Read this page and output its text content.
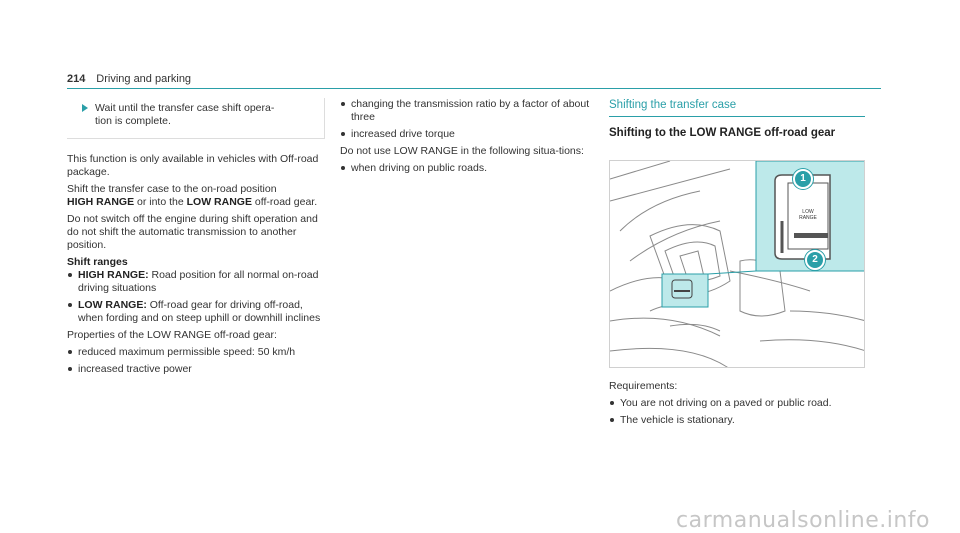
214 Driving and parking
Wait until the transfer case shift opera-
tion is complete.

This function is only available in vehicles with Off-road package.

Shift the transfer case to the on-road position
HIGH RANGE or into the LOW RANGE off-road gear.

Do not switch off the engine during shift operation and do not shift the automatic transmission to another position.

Shift ranges
HIGH RANGE: Road position for all normal on-road driving situations
LOW RANGE: Off-road gear for driving off-road, when fording and on steep uphill or downhill inclines

Properties of the LOW RANGE off-road gear:

reduced maximum permissible speed: 50 km/h
increased tractive power
changing the transmission ratio by a factor of about three
increased drive torque

Do not use LOW RANGE in the following situa-tions:

when driving on public roads.
Shifting the transfer case
Shifting to the LOW RANGE off-road gear
LOW RANGE
1
2

Requirements:

You are not driving on a paved or public road.
The vehicle is stationary.
carmanualsonline.info
